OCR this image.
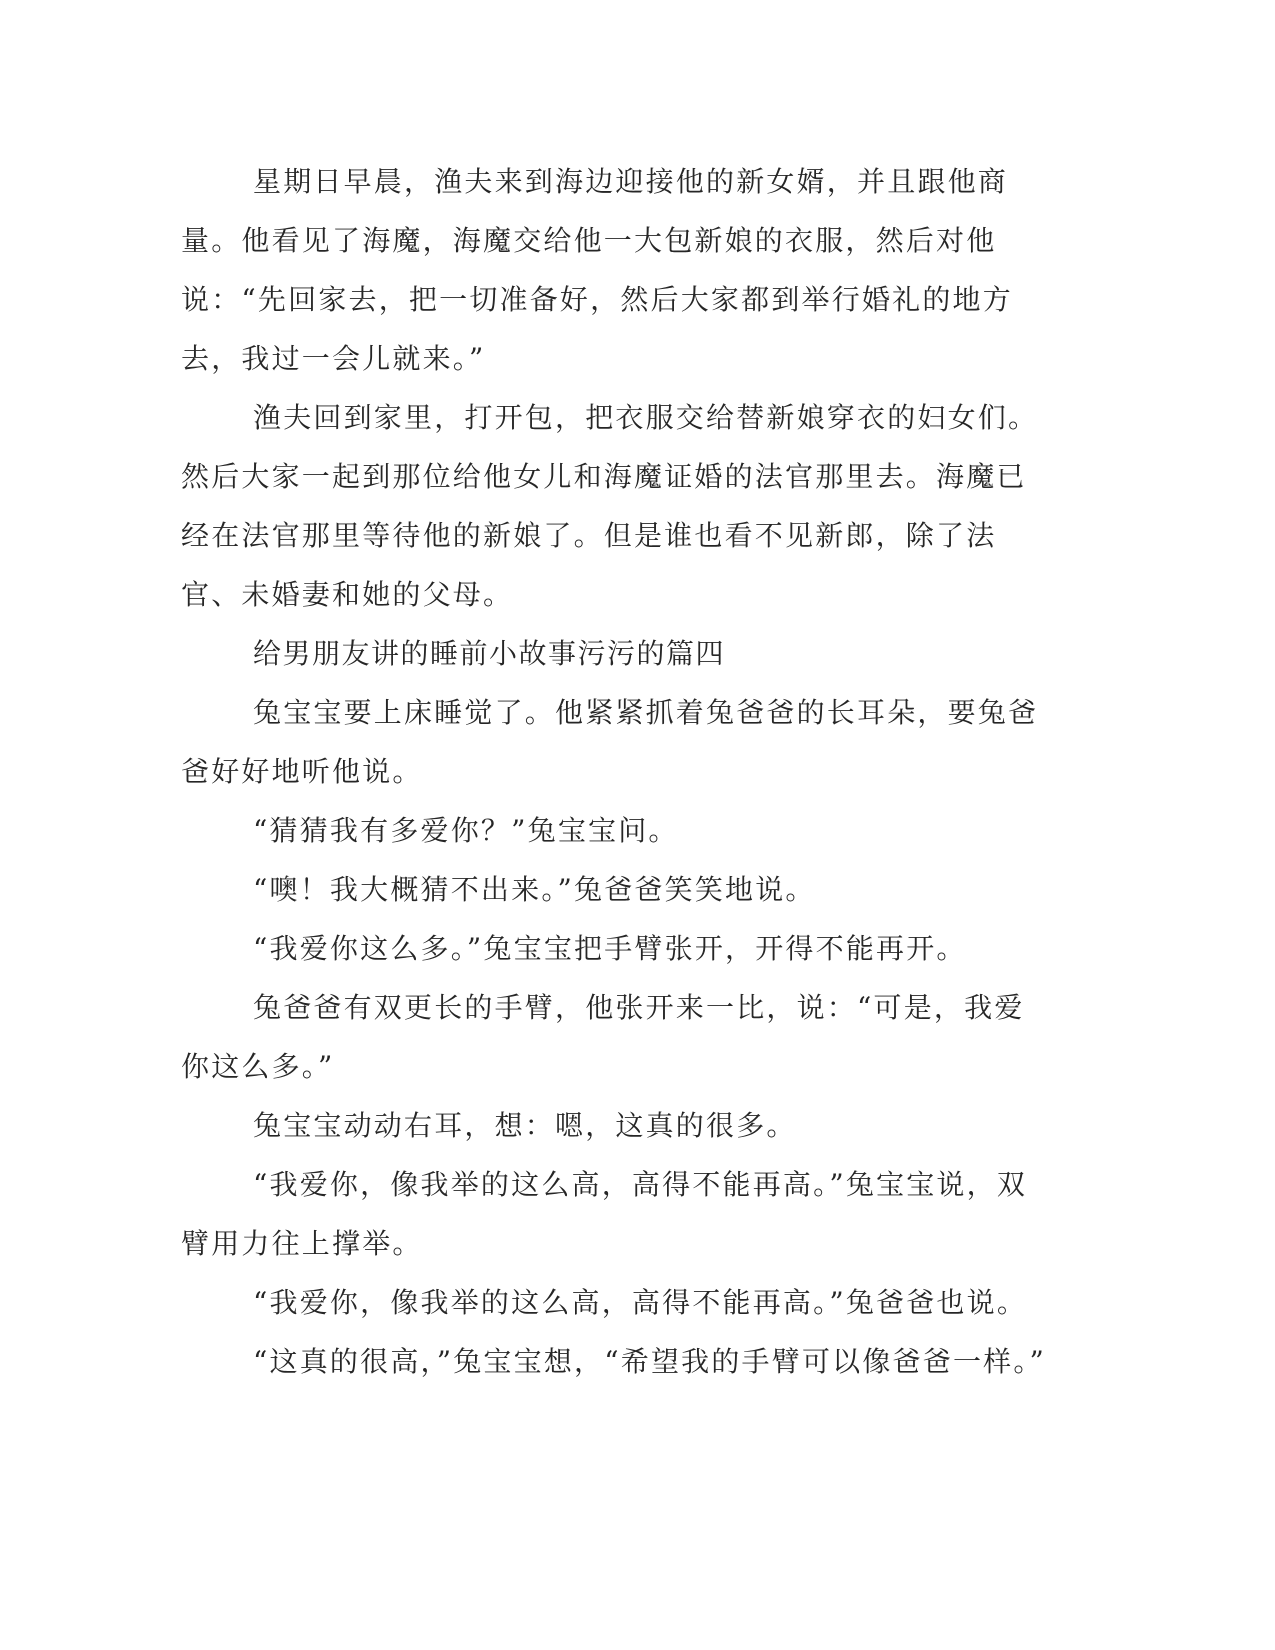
星期日早晨，渔夫来到海边迎接他的新女婿，并且跟他商量。他看见了海魔，海魔交给他一大包新娘的衣服，然后对他说：“先回家去，把一切准备好，然后大家都到举行婚礼的地方去，我过一会儿就来。”

渔夫回到家里，打开包，把衣服交给替新娘穿衣的妇女们。然后大家一起到那位给他女儿和海魔证婚的法官那里去。海魔已经在法官那里等待他的新娘了。但是谁也看不见新郎，除了法官、未婚妻和她的父母。

给男朋友讲的睡前小故事污污的篇四

兔宝宝要上床睡觉了。他紧紧抓着兔爸爸的长耳朵，要兔爸爸好好地听他说。

“猜猜我有多爱你？”兔宝宝问。

“噢！我大概猜不出来。”兔爸爸笑笑地说。

“我爱你这么多。”兔宝宝把手臂张开，开得不能再开。

兔爸爸有双更长的手臂，他张开来一比，说：“可是，我爱你这么多。”

兔宝宝动动右耳，想：嗯，这真的很多。

“我爱你，像我举的这么高，高得不能再高。”兔宝宝说，双臂用力往上撑举。

“我爱你，像我举的这么高，高得不能再高。”兔爸爸也说。

“这真的很高，”兔宝宝想，“希望我的手臂可以像爸爸一样。”
